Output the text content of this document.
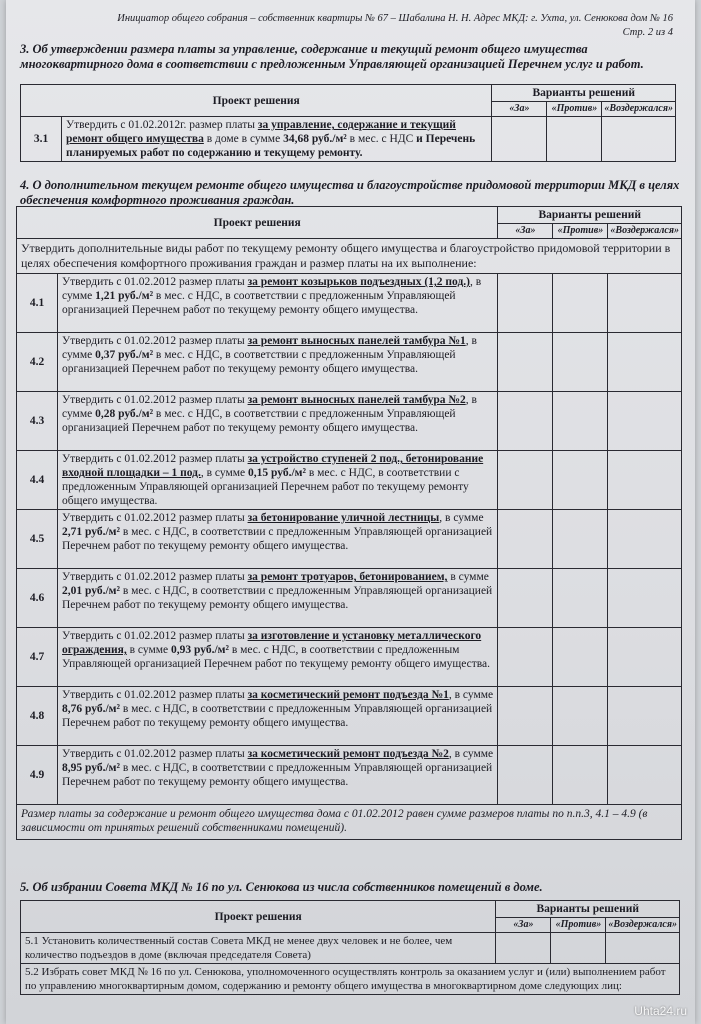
Инициатор общего собрания – собственник квартиры № 67 – Шабалина Н. Н. Адрес МКД: г. Ухта, ул. Сенюкова дом № 16
Стр. 2 из 4
3. Об утверждении размера платы за управление, содержание и текущий ремонт общего имущества многоквартирного дома в соответствии с предложенным Управляющей организацией Перечнем услуг и работ.
Проект решения		Варианты решений		
		«За»	«Против»	«Воздержался»
3.1	Утвердить с 01.02.2012г. размер платы за управление, содержание и текущий ремонт общего имущества в доме в сумме 34,68 руб./м² в мес. с НДС и Перечень планируемых работ по содержанию и текущему ремонту.			
4. О дополнительном текущем ремонте общего имущества и благоустройстве придомовой территории МКД в целях обеспечения комфортного проживания граждан.
Проект решения		Варианты решений		
		«За»	«Против»	«Воздержался»
Утвердить дополнительные виды работ по текущему ремонту общего имущества и благоустройство придомовой территории в целях обеспечения комфортного проживания граждан и размер платы на их выполнение:				
4.1	Утвердить с 01.02.2012 размер платы за ремонт козырьков подъездных (1,2 под.), в сумме 1,21 руб./м² в мес. с НДС, в соответствии с предложенным Управляющей организацией Перечнем работ по текущему ремонту общего имущества.			
4.2	Утвердить с 01.02.2012 размер платы за ремонт выносных панелей тамбура №1, в сумме 0,37 руб./м² в мес. с НДС, в соответствии с предложенным Управляющей организацией Перечнем работ по текущему ремонту общего имущества.			
4.3	Утвердить с 01.02.2012 размер платы за ремонт выносных панелей тамбура №2, в сумме 0,28 руб./м² в мес. с НДС, в соответствии с предложенным Управляющей организацией Перечнем работ по текущему ремонту общего имущества.			
4.4	Утвердить с 01.02.2012 размер платы за устройство ступеней 2 под., бетонирование входной площадки – 1 под., в сумме 0,15 руб./м² в мес. с НДС, в соответствии с предложенным Управляющей организацией Перечнем работ по текущему ремонту общего имущества.			
4.5	Утвердить с 01.02.2012 размер платы за бетонирование уличной лестницы, в сумме 2,71 руб./м² в мес. с НДС, в соответствии с предложенным Управляющей организацией Перечнем работ по текущему ремонту общего имущества.			
4.6	Утвердить с 01.02.2012 размер платы за ремонт тротуаров, бетонированием, в сумме 2,01 руб./м² в мес. с НДС, в соответствии с предложенным Управляющей организацией Перечнем работ по текущему ремонту общего имущества.			
4.7	Утвердить с 01.02.2012 размер платы за изготовление и установку металлического ограждения, в сумме 0,93 руб./м² в мес. с НДС, в соответствии с предложенным Управляющей организацией Перечнем работ по текущему ремонту общего имущества.			
4.8	Утвердить с 01.02.2012 размер платы за косметический ремонт подъезда №1, в сумме 8,76 руб./м² в мес. с НДС, в соответствии с предложенным Управляющей организацией Перечнем работ по текущему ремонту общего имущества.			
4.9	Утвердить с 01.02.2012 размер платы за косметический ремонт подъезда №2, в сумме 8,95 руб./м² в мес. с НДС, в соответствии с предложенным Управляющей организацией Перечнем работ по текущему ремонту общего имущества.			
Размер платы за содержание и ремонт общего имущества дома с 01.02.2012 равен сумме размеров платы по п.п.3, 4.1 – 4.9 (в зависимости от принятых решений собственниками помещений).				
5. Об избрании Совета МКД № 16 по ул. Сенюкова из числа собственников помещений в доме.
Проект решения	Варианты решений		
	«За»	«Против»	«Воздержался»
5.1 Установить количественный состав Совета МКД не менее двух человек и не более, чем количество подъездов в доме (включая председателя Совета)			
5.2 Избрать совет МКД № 16 по ул. Сенюкова, уполномоченного осуществлять контроль за оказанием услуг и (или) выполнением работ по управлению многоквартирным домом, содержанию и ремонту общего имущества в многоквартирном доме следующих лиц:			
Uhta24.ru
